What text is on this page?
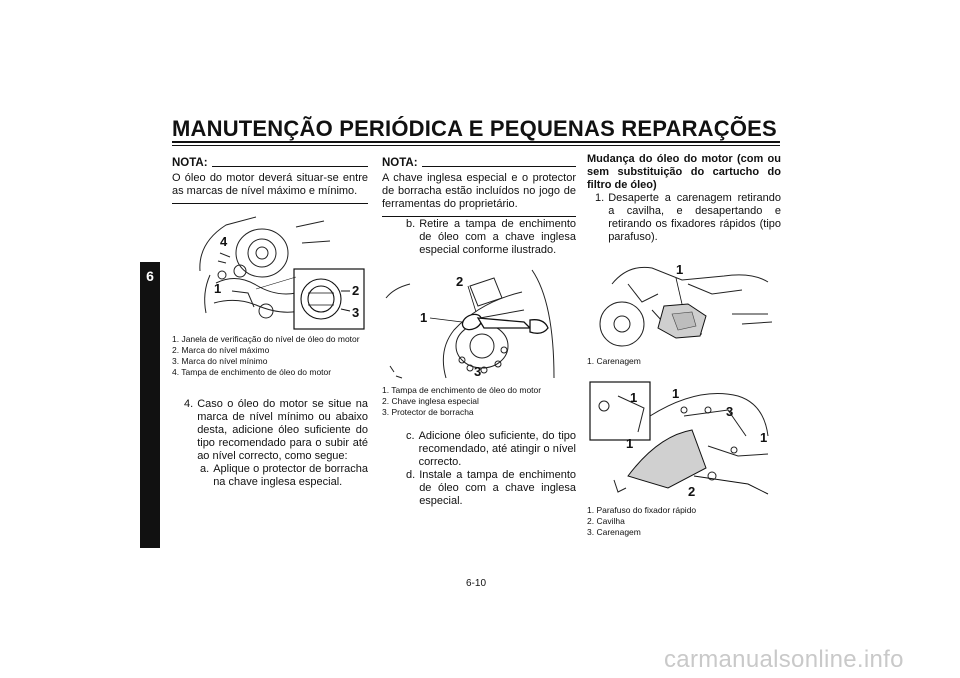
MANUTENÇÃO PERIÓDICA E PEQUENAS REPARAÇÕES
6
NOTA:
O óleo do motor deverá situar-se entre as marcas de nível máximo e mínimo.
4
1	2
3
1. Janela de verificação do nível de óleo do motor
2. Marca do nível máximo
3. Marca do nível mínimo
4. Tampa de enchimento de óleo do motor
4. Caso o óleo do motor se situe na marca de nível mínimo ou abaixo desta, adicione óleo suficiente do tipo recomendado para o subir até ao nível correcto, como segue:
a. Aplique o protector de borracha na chave inglesa especial.
NOTA:
A chave inglesa especial e o protector de borracha estão incluídos no jogo de ferramentas do proprietário.
b. Retire a tampa de enchimento de óleo com a chave inglesa especial conforme ilustrado.
2
1
3
1. Tampa de enchimento de óleo do motor
2. Chave inglesa especial
3. Protector de borracha
c. Adicione óleo suficiente, do tipo recomendado, até atingir o nível correcto.
d. Instale a tampa de enchimento de óleo com a chave inglesa especial.
Mudança do óleo do motor (com ou sem substituição do cartucho do filtro de óleo)
1. Desaperte a carenagem retirando a cavilha, e desapertando e retirando os fixadores rápidos (tipo parafuso).
1
1. Carenagem
1	1
3
1
1
2
1. Parafuso do fixador rápido
2. Cavilha
3. Carenagem
6-10
carmanualsonline.info
